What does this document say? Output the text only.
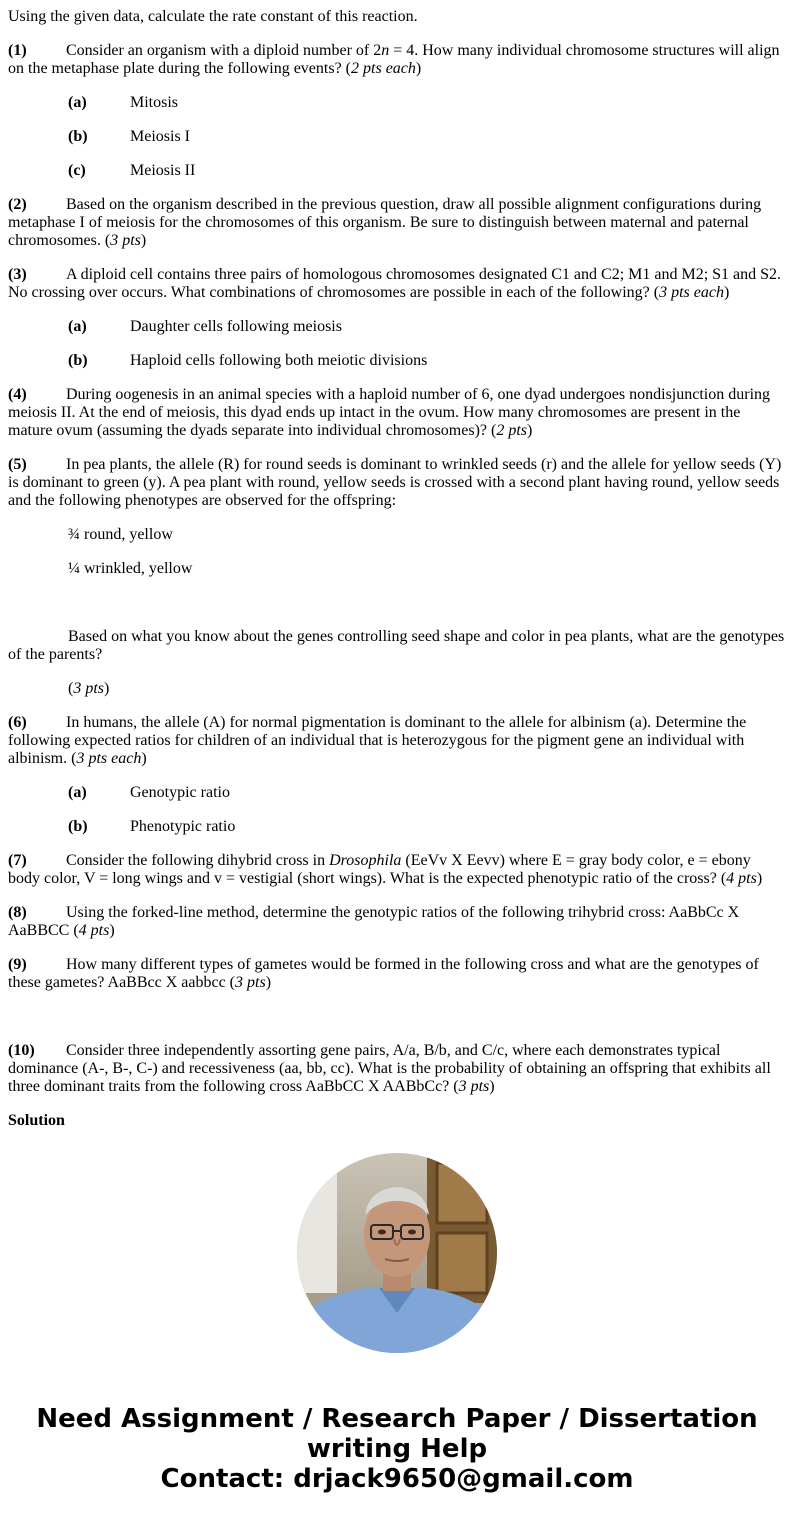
Using the given data, calculate the rate constant of this reaction.

(1) Consider an organism with a diploid number of 2n = 4. How many individual chromosome structures will align on the metaphase plate during the following events? (2 pts each)

(a)	Mitosis

(b)	Meiosis I

(c)	Meiosis II

(2) Based on the organism described in the previous question, draw all possible alignment configurations during metaphase I of meiosis for the chromosomes of this organism. Be sure to distinguish between maternal and paternal chromosomes. (3 pts)

(3) A diploid cell contains three pairs of homologous chromosomes designated C1 and C2; M1 and M2; S1 and S2. No crossing over occurs. What combinations of chromosomes are possible in each of the following? (3 pts each)

(a)	Daughter cells following meiosis

(b)	Haploid cells following both meiotic divisions

(4) During oogenesis in an animal species with a haploid number of 6, one dyad undergoes nondisjunction during meiosis II. At the end of meiosis, this dyad ends up intact in the ovum. How many chromosomes are present in the mature ovum (assuming the dyads separate into individual chromosomes)? (2 pts)

(5) In pea plants, the allele (R) for round seeds is dominant to wrinkled seeds (r) and the allele for yellow seeds (Y) is dominant to green (y). A pea plant with round, yellow seeds is crossed with a second plant having round, yellow seeds and the following phenotypes are observed for the offspring:

¾ round, yellow

¼ wrinkled, yellow

Based on what you know about the genes controlling seed shape and color in pea plants, what are the genotypes of the parents?

(3 pts)

(6) In humans, the allele (A) for normal pigmentation is dominant to the allele for albinism (a). Determine the following expected ratios for children of an individual that is heterozygous for the pigment gene an individual with albinism. (3 pts each)

(a)	Genotypic ratio

(b)	Phenotypic ratio

(7) Consider the following dihybrid cross in Drosophila (EeVv X Eevv) where E = gray body color, e = ebony body color, V = long wings and v = vestigial (short wings). What is the expected phenotypic ratio of the cross? (4 pts)

(8) Using the forked-line method, determine the genotypic ratios of the following trihybrid cross: AaBbCc X AaBBCC (4 pts)

(9) How many different types of gametes would be formed in the following cross and what are the genotypes of these gametes? AaBBcc X aabbcc (3 pts)

(10) Consider three independently assorting gene pairs, A/a, B/b, and C/c, where each demonstrates typical dominance (A-, B-, C-) and recessiveness (aa, bb, cc). What is the probability of obtaining an offspring that exhibits all three dominant traits from the following cross AaBbCC X AABbCc? (3 pts)

Solution

Need Assignment / Research Paper / Dissertation
writing Help
Contact: drjack9650@gmail.com
